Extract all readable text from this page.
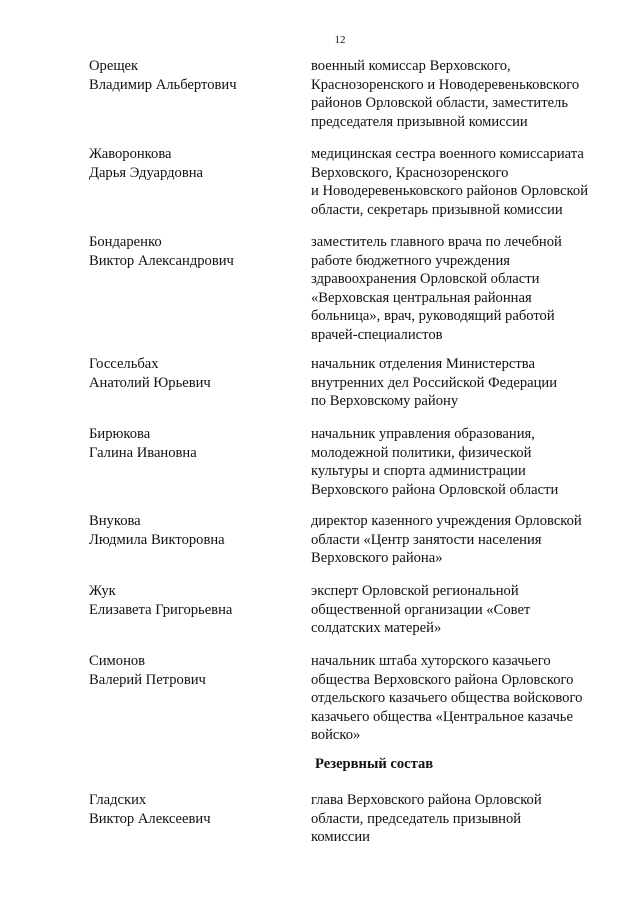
12
Орещек
Владимир Альбертович
военный комиссар Верховского,
Краснозоренского и Новодеревеньковского
районов Орловской области, заместитель
председателя призывной комиссии
Жаворонкова
Дарья Эдуардовна
медицинская сестра военного комиссариата
Верховского, Краснозоренского
и Новодеревеньковского районов Орловской
области, секретарь призывной комиссии
Бондаренко
Виктор Александрович
заместитель главного врача по лечебной
работе бюджетного учреждения
здравоохранения Орловской области
«Верховская центральная районная
больница», врач, руководящий работой
врачей-специалистов
Госсельбах
Анатолий Юрьевич
начальник отделения Министерства
внутренних дел Российской Федерации
по Верховскому району
Бирюкова
Галина Ивановна
начальник управления образования,
молодежной политики, физической
культуры и спорта администрации
Верховского района Орловской области
Внукова
Людмила Викторовна
директор казенного учреждения Орловской
области «Центр занятости населения
Верховского района»
Жук
Елизавета Григорьевна
эксперт Орловской региональной
общественной организации «Совет
солдатских матерей»
Симонов
Валерий Петрович
начальник штаба хуторского казачьего
общества Верховского района Орловского
отдельского казачьего общества войскового
казачьего общества «Центральное казачье
войско»
Резервный состав
Гладских
Виктор Алексеевич
глава Верховского района Орловской
области, председатель призывной
комиссии
